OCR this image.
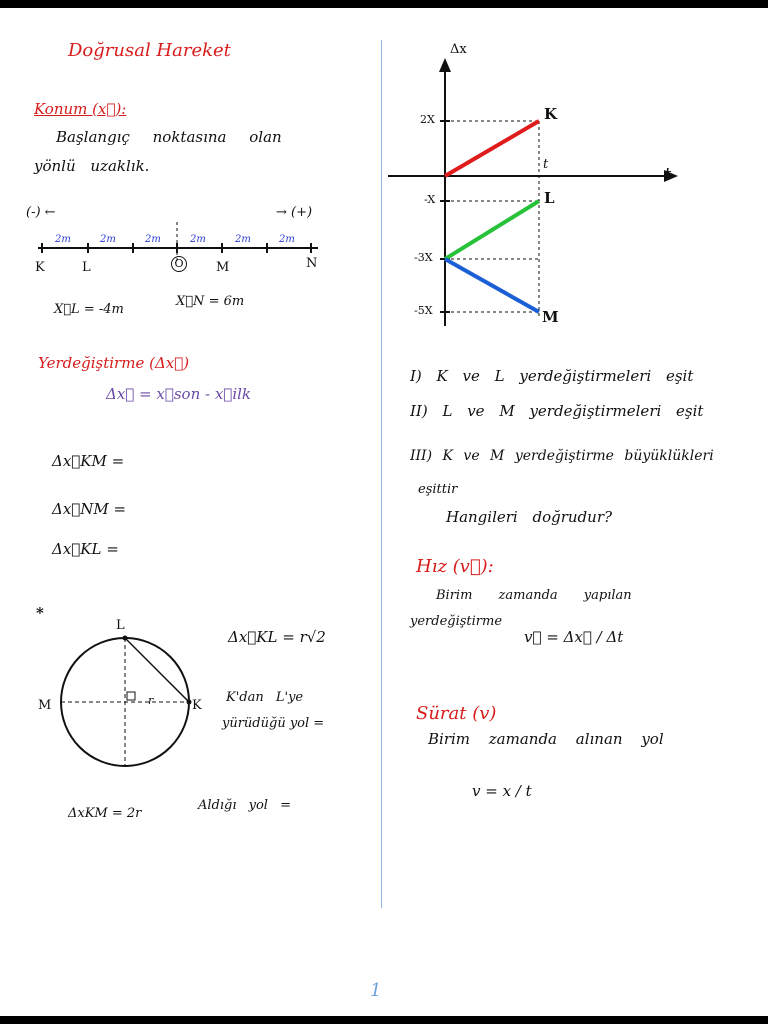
Doğrusal Hareket
Konum (x⃗):
Başlangıç noktasına olan
yönlü uzaklık.
(-) ←	→ (+)
2m	2m	2m	2m	2m	2m
K	L	O M	N
X⃗L = -4m
X⃗N = 6m
Yerdeğiştirme (Δx⃗)
Δx⃗ = x⃗son - x⃗ilk
Δx⃗KM =
Δx⃗NM =
Δx⃗KL =
*
L
M	K
r
Δx⃗KL = r√2
K'dan L'ye
yürüdüğü yol =
ΔxKM = 2r
Aldığı yol =
Δx
t
t
2X
-X
-3X
-5X
K
L
M
I) K ve L yerdeğiştirmeleri eşit
II) L ve M yerdeğiştirmeleri eşit
III) K ve M yerdeğiştirme büyüklükleri
eşittir
Hangileri doğrudur?
Hız (v⃗):
Birim zamanda yapılan
yerdeğiştirme
v⃗ = Δx⃗ / Δt
Sürat (v)
Birim zamanda alınan yol
v = x / t
1
